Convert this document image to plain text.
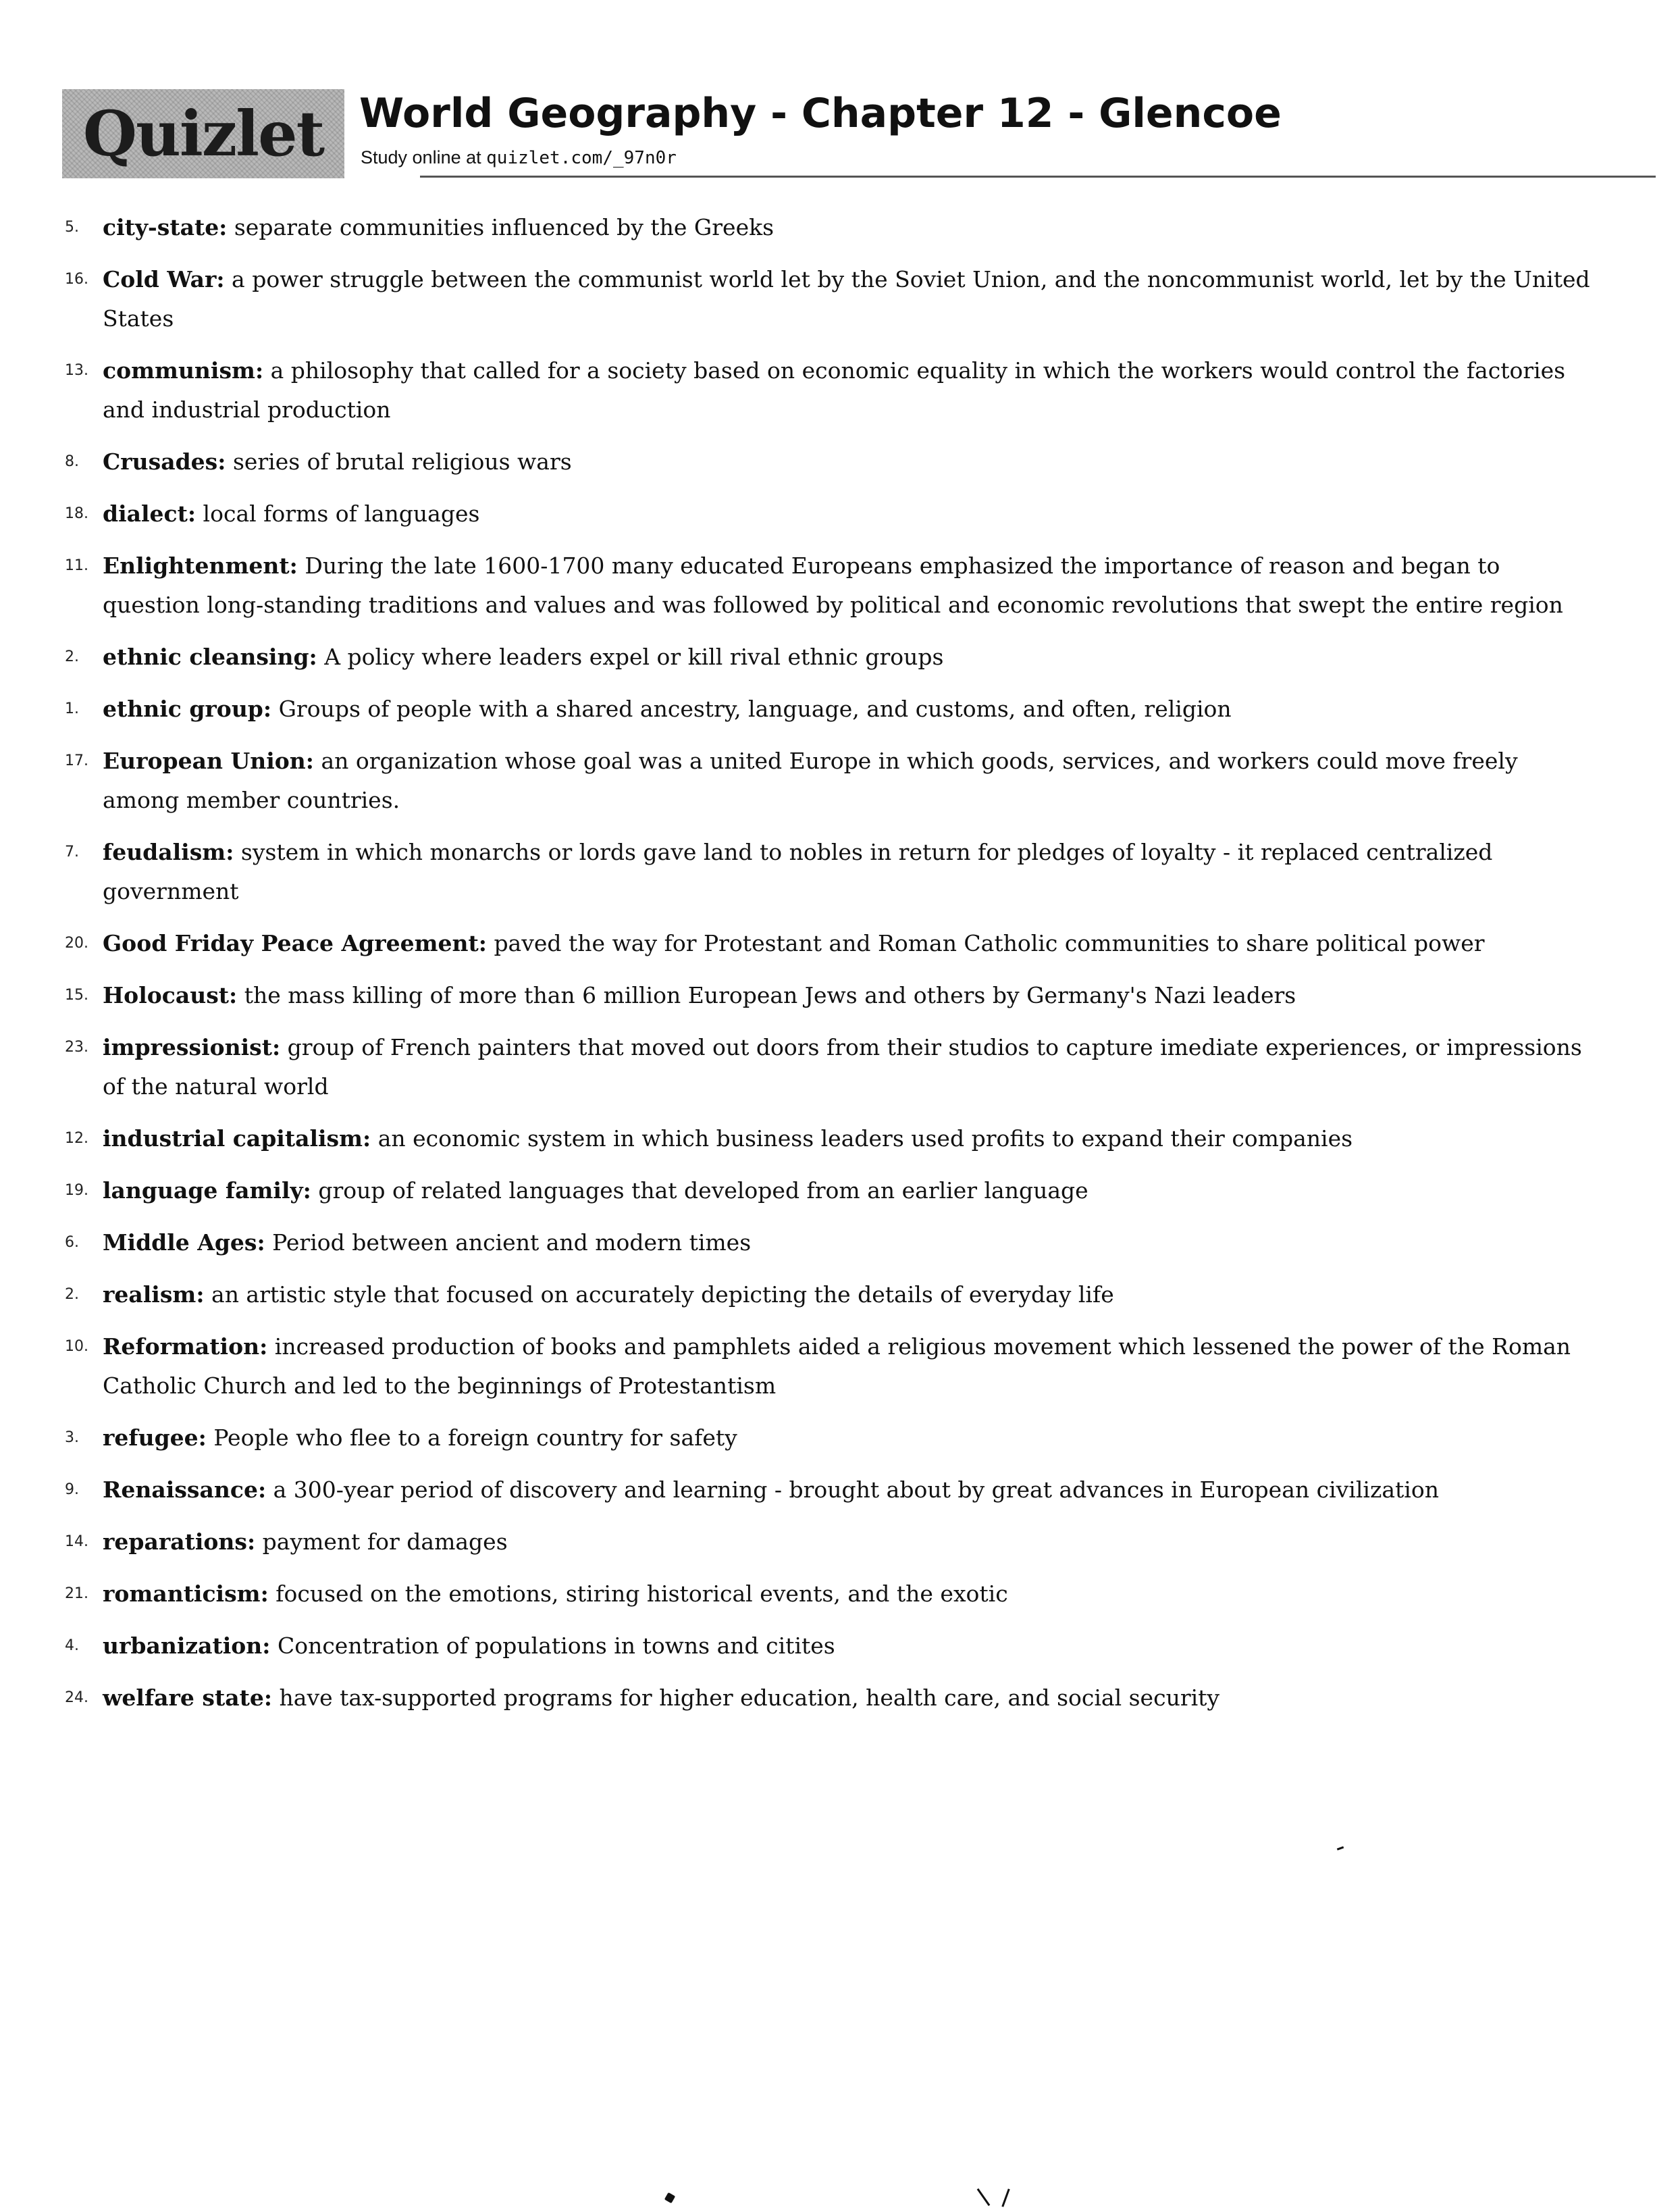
Quizlet World Geography - Chapter 12 - Glencoe
Study online at quizlet.com/_97n0r
5.	city-state: separate communities influenced by the Greeks
16. Cold War: a power struggle between the communist world let by the Soviet Union, and the noncommunist world, let by the United States
13. communism: a philosophy that called for a society based on economic equality in which the workers would control the factories and industrial production
8.	Crusades: series of brutal religious wars
18. dialect: local forms of languages
11. Enlightenment: During the late 1600-1700 many educated Europeans emphasized the importance of reason and began to question long-standing traditions and values and was followed by political and economic revolutions that swept the entire region
2.	ethnic cleansing: A policy where leaders expel or kill rival ethnic groups
1.	ethnic group: Groups of people with a shared ancestry, language, and customs, and often, religion
17. European Union: an organization whose goal was a united Europe in which goods, services, and workers could move freely among member countries.
7.	feudalism: system in which monarchs or lords gave land to nobles in return for pledges of loyalty - it replaced centralized government
20. Good Friday Peace Agreement: paved the way for Protestant and Roman Catholic communities to share political power
15. Holocaust: the mass killing of more than 6 million European Jews and others by Germany's Nazi leaders
23. impressionist: group of French painters that moved out doors from their studios to capture imediate experiences, or impressions of the natural world
12. industrial capitalism: an economic system in which business leaders used profits to expand their companies
19. language family: group of related languages that developed from an earlier language
6.	Middle Ages: Period between ancient and modern times
2.	realism: an artistic style that focused on accurately depicting the details of everyday life
10. Reformation: increased production of books and pamphlets aided a religious movement which lessened the power of the Roman Catholic Church and led to the beginnings of Protestantism
3.	refugee: People who flee to a foreign country for safety
9.	Renaissance: a 300-year period of discovery and learning - brought about by great advances in European civilization
14. reparations: payment for damages
21. romanticism: focused on the emotions, stiring historical events, and the exotic
4.	urbanization: Concentration of populations in towns and citites
24. welfare state: have tax-supported programs for higher education, health care, and social security
